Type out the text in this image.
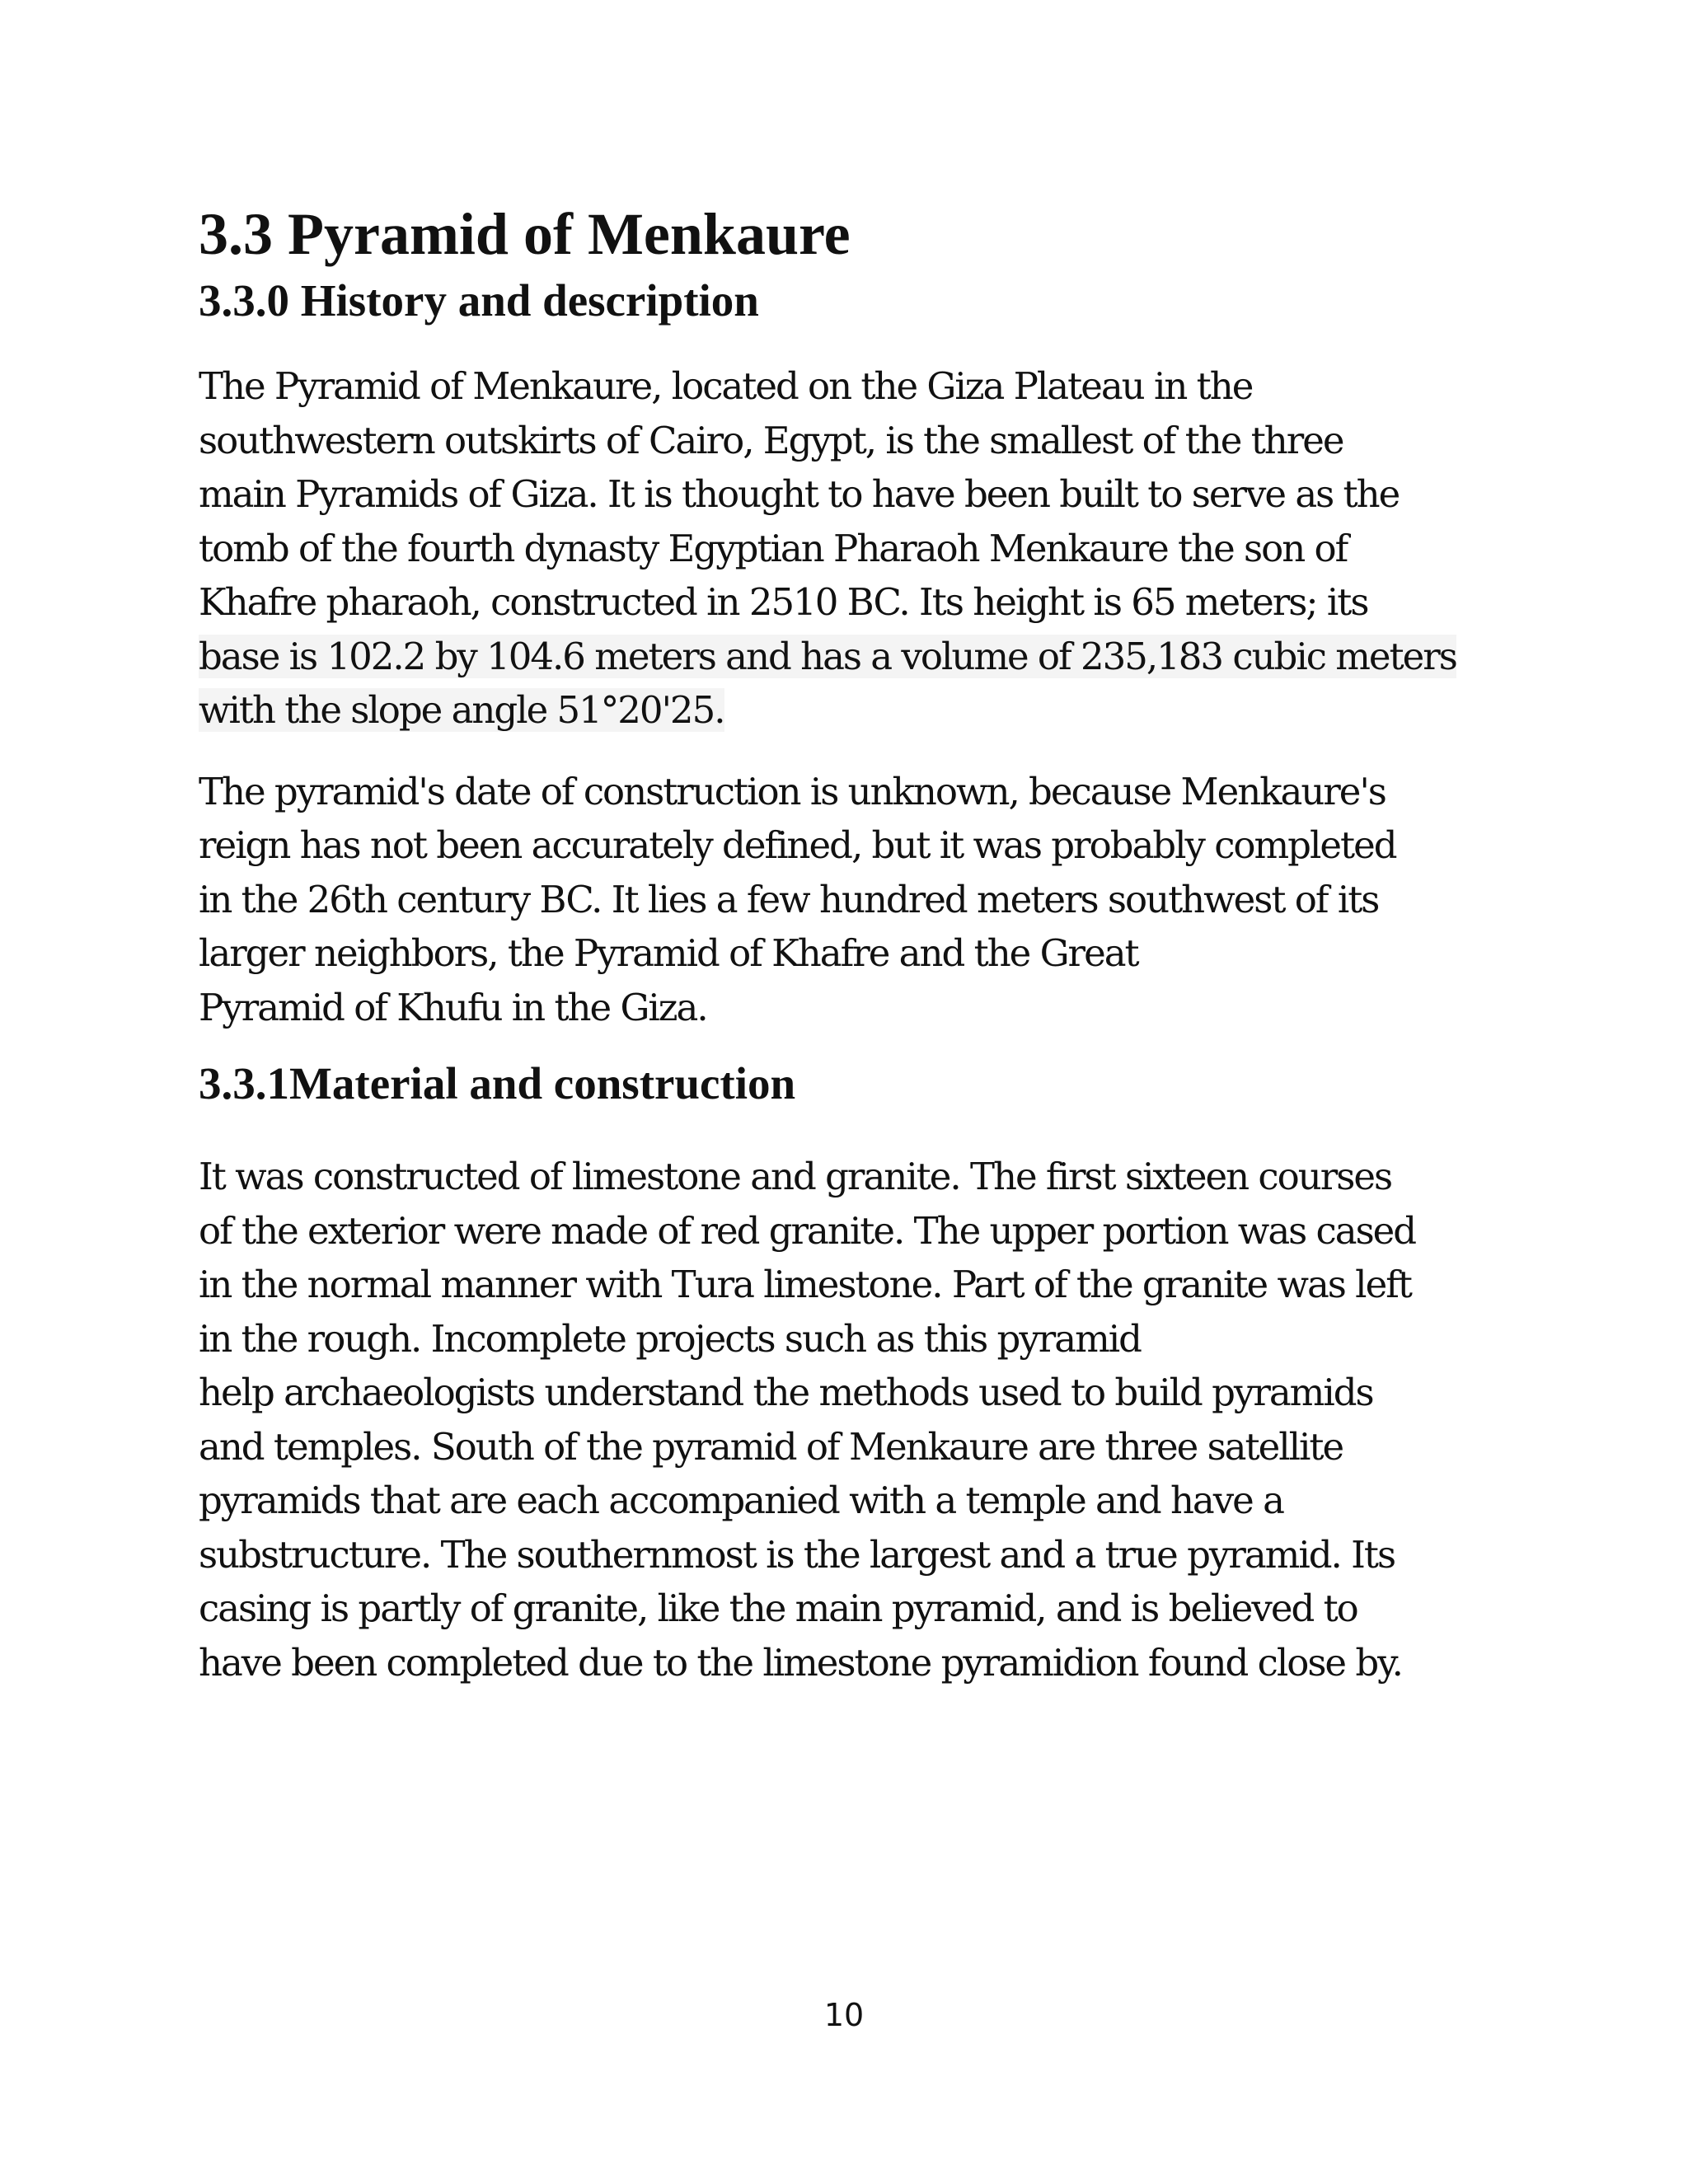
3.3 Pyramid of Menkaure
3.3.0 History and description

The Pyramid of Menkaure, located on the Giza Plateau in the
southwestern outskirts of Cairo, Egypt, is the smallest of the three
main Pyramids of Giza. It is thought to have been built to serve as the
tomb of the fourth dynasty Egyptian Pharaoh Menkaure the son of
Khafre pharaoh, constructed in 2510 BC. Its height is 65 meters; its
base is 102.2 by 104.6 meters and has a volume of 235,183 cubic meters
with the slope angle 51°20'25.

The pyramid's date of construction is unknown, because Menkaure's
reign has not been accurately defined, but it was probably completed
in the 26th century BC. It lies a few hundred meters southwest of its
larger neighbors, the Pyramid of Khafre and the Great
Pyramid of Khufu in the Giza.

3.3.1Material and construction

It was constructed of limestone and granite. The first sixteen courses
of the exterior were made of red granite. The upper portion was cased
in the normal manner with Tura limestone. Part of the granite was left
in the rough. Incomplete projects such as this pyramid
help archaeologists understand the methods used to build pyramids
and temples. South of the pyramid of Menkaure are three satellite
pyramids that are each accompanied with a temple and have a
substructure. The southernmost is the largest and a true pyramid. Its
casing is partly of granite, like the main pyramid, and is believed to
have been completed due to the limestone pyramidion found close by.

10
